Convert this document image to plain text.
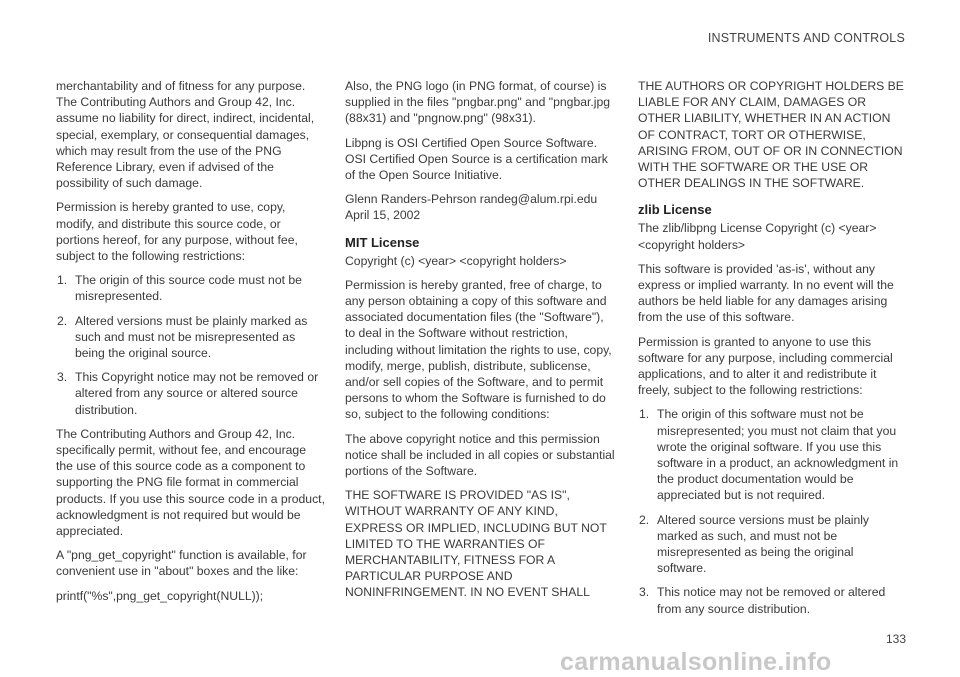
INSTRUMENTS AND CONTROLS

merchantability and of fitness for any purpose. The Contributing Authors and Group 42, Inc. assume no liability for direct, indirect, incidental, special, exemplary, or consequential damages, which may result from the use of the PNG Reference Library, even if advised of the possibility of such damage.

Permission is hereby granted to use, copy, modify, and distribute this source code, or portions hereof, for any purpose, without fee, subject to the following restrictions:

1. The origin of this source code must not be misrepresented.
2. Altered versions must be plainly marked as such and must not be misrepresented as being the original source.
3. This Copyright notice may not be removed or altered from any source or altered source distribution.

The Contributing Authors and Group 42, Inc. specifically permit, without fee, and encourage the use of this source code as a component to supporting the PNG file format in commercial products. If you use this source code in a product, acknowledgment is not required but would be appreciated.

A "png_get_copyright" function is available, for convenient use in "about" boxes and the like:

printf("%s",png_get_copyright(NULL));

Also, the PNG logo (in PNG format, of course) is supplied in the files "pngbar.png" and "pngbar.jpg (88x31) and "pngnow.png" (98x31).

Libpng is OSI Certified Open Source Software. OSI Certified Open Source is a certification mark of the Open Source Initiative.

Glenn Randers-Pehrson randeg@alum.rpi.edu April 15, 2002

MIT License

Copyright (c) <year> <copyright holders>

Permission is hereby granted, free of charge, to any person obtaining a copy of this software and associated documentation files (the "Software"), to deal in the Software without restriction, including without limitation the rights to use, copy, modify, merge, publish, distribute, sublicense, and/or sell copies of the Software, and to permit persons to whom the Software is furnished to do so, subject to the following conditions:

The above copyright notice and this permission notice shall be included in all copies or substantial portions of the Software.

THE SOFTWARE IS PROVIDED "AS IS", WITHOUT WARRANTY OF ANY KIND, EXPRESS OR IMPLIED, INCLUDING BUT NOT LIMITED TO THE WARRANTIES OF MERCHANTABILITY, FITNESS FOR A PARTICULAR PURPOSE AND NONINFRINGEMENT. IN NO EVENT SHALL

THE AUTHORS OR COPYRIGHT HOLDERS BE LIABLE FOR ANY CLAIM, DAMAGES OR OTHER LIABILITY, WHETHER IN AN ACTION OF CONTRACT, TORT OR OTHERWISE, ARISING FROM, OUT OF OR IN CONNECTION WITH THE SOFTWARE OR THE USE OR OTHER DEALINGS IN THE SOFTWARE.

zlib License

The zlib/libpng License Copyright (c) <year> <copyright holders>

This software is provided 'as-is', without any express or implied warranty. In no event will the authors be held liable for any damages arising from the use of this software.

Permission is granted to anyone to use this software for any purpose, including commercial applications, and to alter it and redistribute it freely, subject to the following restrictions:

1. The origin of this software must not be misrepresented; you must not claim that you wrote the original software. If you use this software in a product, an acknowledgment in the product documentation would be appreciated but is not required.
2. Altered source versions must be plainly marked as such, and must not be misrepresented as being the original software.
3. This notice may not be removed or altered from any source distribution.
133
carmanualsonline.info
